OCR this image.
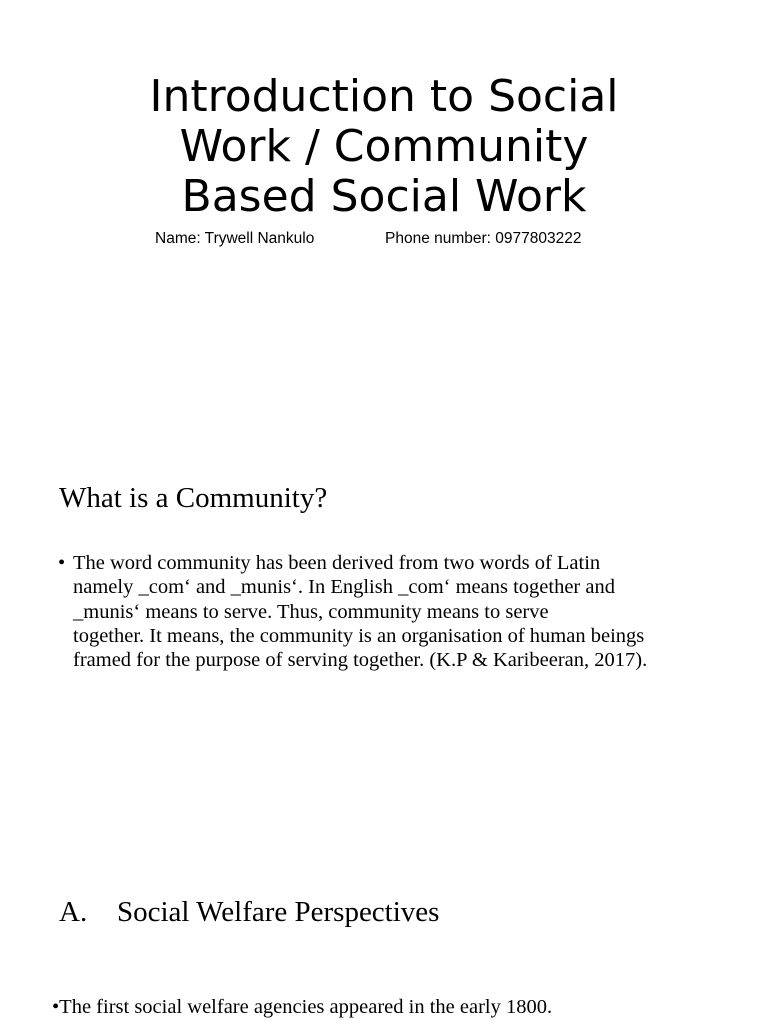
Introduction to Social
Work / Community
Based Social Work
Name: Trywell Nankulo	Phone number: 0977803222
What is a Community?
• The word community has been derived from two words of Latin
namely _com‘ and _munis‘. In English _com‘ means together and
_munis‘ means to serve. Thus, community means to serve
together. It means, the community is an organisation of human beings
framed for the purpose of serving together. (K.P & Karibeeran, 2017).
A. Social Welfare Perspectives
•The first social welfare agencies appeared in the early 1800.
